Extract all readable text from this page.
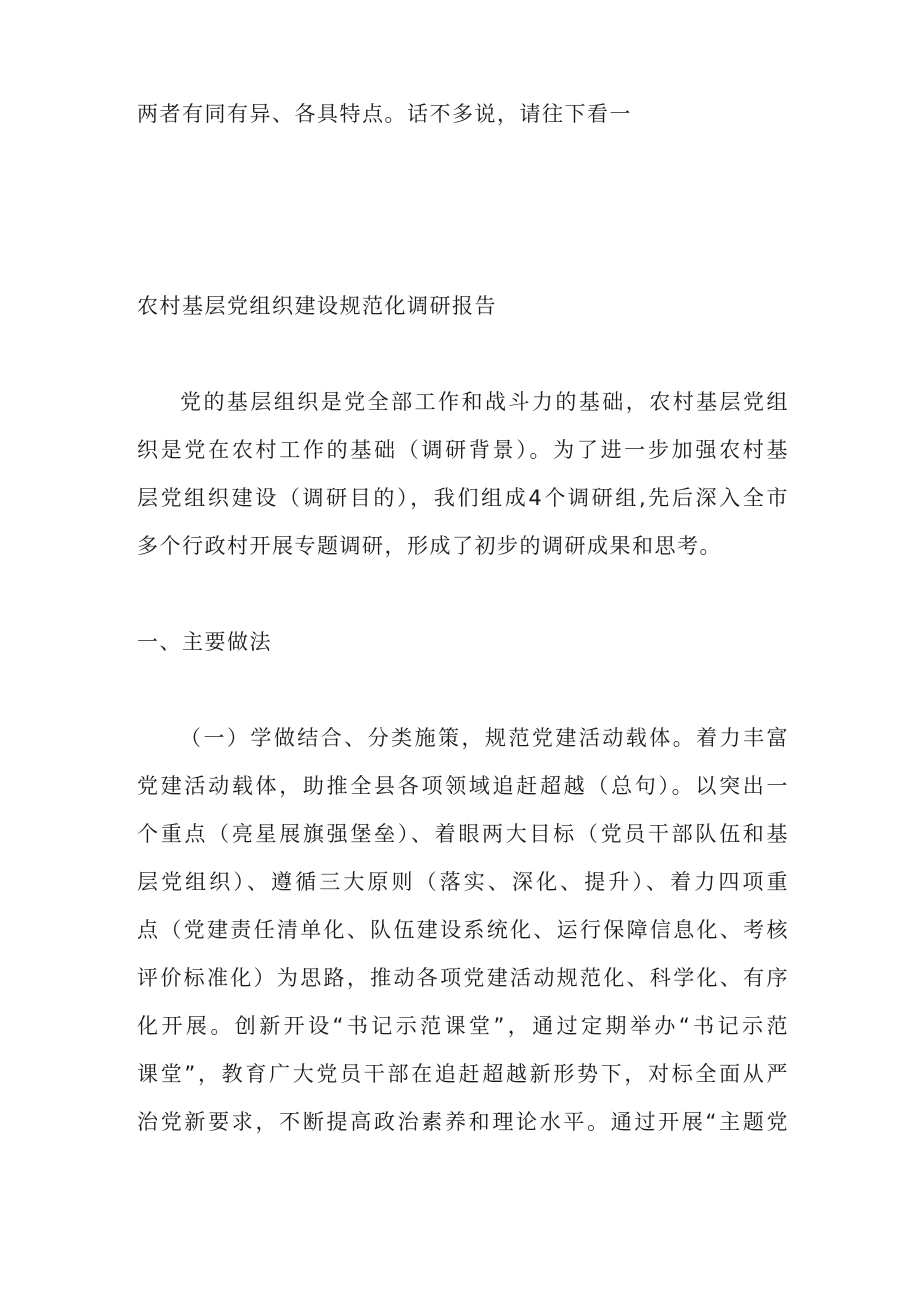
两者有同有异、各具特点。话不多说，请往下看一
农村基层党组织建设规范化调研报告
党的基层组织是党全部工作和战斗力的基础，农村基层党组
织是党在农村工作的基础（调研背景）。为了进一步加强农村基
层党组织建设（调研目的），我们组成4个调研组,先后深入全市
多个行政村开展专题调研，形成了初步的调研成果和思考。
一、主要做法
（一）学做结合、分类施策，规范党建活动载体。着力丰富
党建活动载体，助推全县各项领域追赶超越（总句）。以突出一
个重点（亮星展旗强堡垒）、着眼两大目标（党员干部队伍和基
层党组织）、遵循三大原则（落实、深化、提升）、着力四项重
点（党建责任清单化、队伍建设系统化、运行保障信息化、考核
评价标准化）为思路，推动各项党建活动规范化、科学化、有序
化开展。创新开设“书记示范课堂”，通过定期举办“书记示范
课堂”，教育广大党员干部在追赶超越新形势下，对标全面从严
治党新要求，不断提高政治素养和理论水平。通过开展“主题党
